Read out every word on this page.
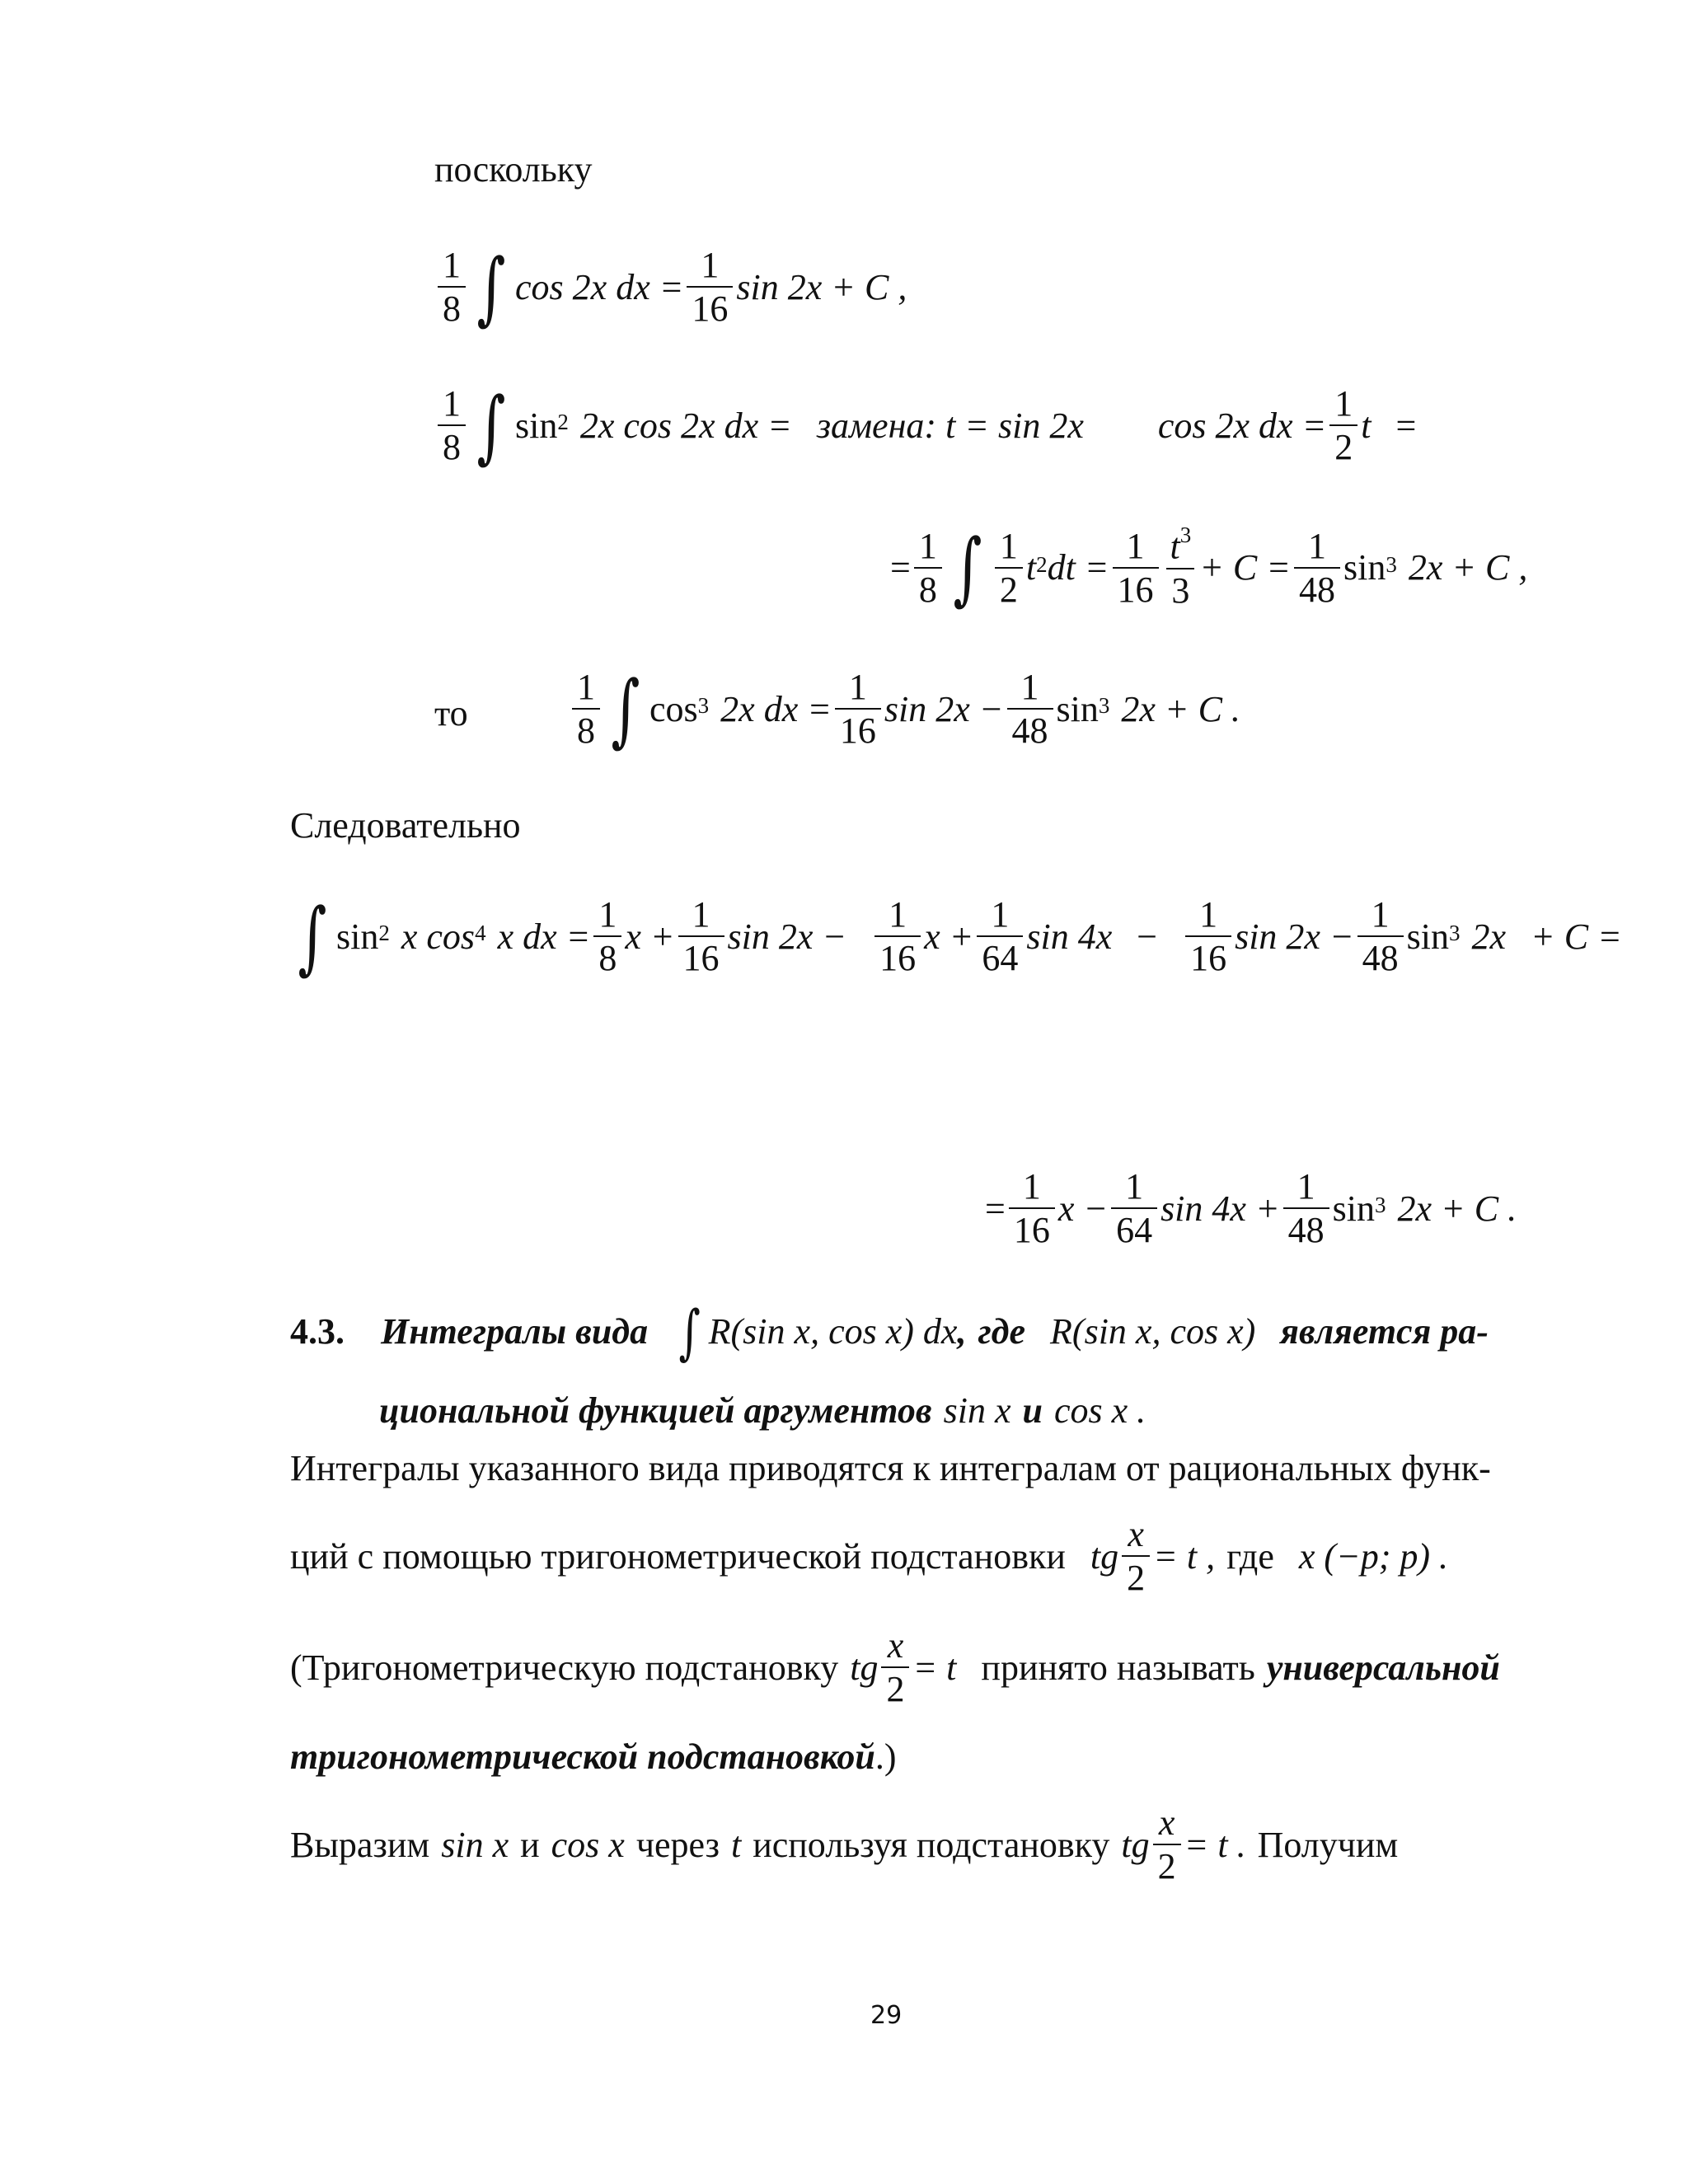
поскольку
$\frac{1}{8}$ ∫ cos 2x dx = $\frac{1}{16}$ sin 2x + C ,
$\frac{1}{8}$ ∫ $\sin^2 2x$ cos 2x dx = замена : t = sin 2x cos 2x dx = $\frac{1}{2}$ t =
= $\frac{1}{8}$ ∫ $\frac{1}{2} t^2$ dt = $\frac{1}{16} \frac{t^3}{3} + C = \frac{1}{48} \sin^3 2x + C$ ,
то	$\frac{1}{8}$ ∫ $\cos^3 2x$ dx = $\frac{1}{16}$ $\sin 2x - \frac{1}{48} \sin^3 2x + C$ .
Следовательно
∫ $\sin^2 x$ $\cos^4 x$ dx = $\frac{1}{8}$ $x + \frac{1}{16}$ $\sin 2x - \frac{1}{16}$ $x + \frac{1}{64}$ $\sin 4x - \frac{1}{16}$ $\sin 2x - \frac{1}{48} \sin^3 2x + C$ =
= $\frac{1}{16}$ $x - \frac{1}{64}$ $\sin 4x + \frac{1}{48} \sin^3 2x + C$ .
4.3. Интегралы вида ∫ R(sin x, cos x) dx , где R(sin x, cos x) является ра-
циональной функцией аргументов sin x и cos x .
Интегралы указанного вида приводятся к интегралам от рациональных функ-
ций с помощью тригонометрической подстановки tg $\frac{x}{2} = t$ , где x (−p; p) .
(Тригонометрическую подстановку tg $\frac{x}{2} = t$ принято называть универсальной
тригонометрической подстановкой .)
Выразим sin x и cos x через t используя подстановку tg $\frac{x}{2} = t$ . Получим
29
